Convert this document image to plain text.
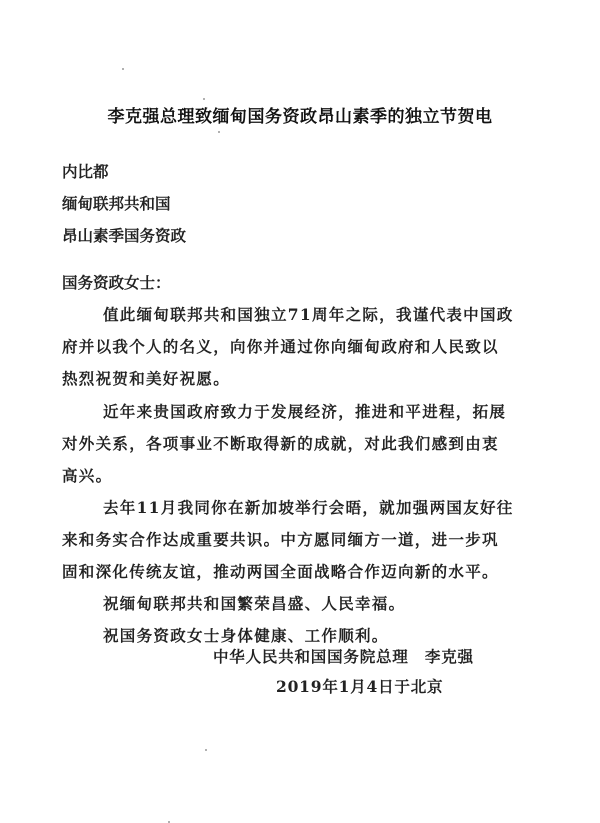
李克强总理致缅甸国务资政昂山素季的独立节贺电
内比都
缅甸联邦共和国
昂山素季国务资政
国务资政女士：
值此缅甸联邦共和国独立71周年之际，我谨代表中国政
府并以我个人的名义，向你并通过你向缅甸政府和人民致以
热烈祝贺和美好祝愿。
近年来贵国政府致力于发展经济，推进和平进程，拓展
对外关系，各项事业不断取得新的成就，对此我们感到由衷
高兴。
去年11月我同你在新加坡举行会晤，就加强两国友好往
来和务实合作达成重要共识。中方愿同缅方一道，进一步巩
固和深化传统友谊，推动两国全面战略合作迈向新的水平。
祝缅甸联邦共和国繁荣昌盛、人民幸福。
祝国务资政女士身体健康、工作顺利。
中华人民共和国国务院总理　李克强
2019年1月4日于北京
